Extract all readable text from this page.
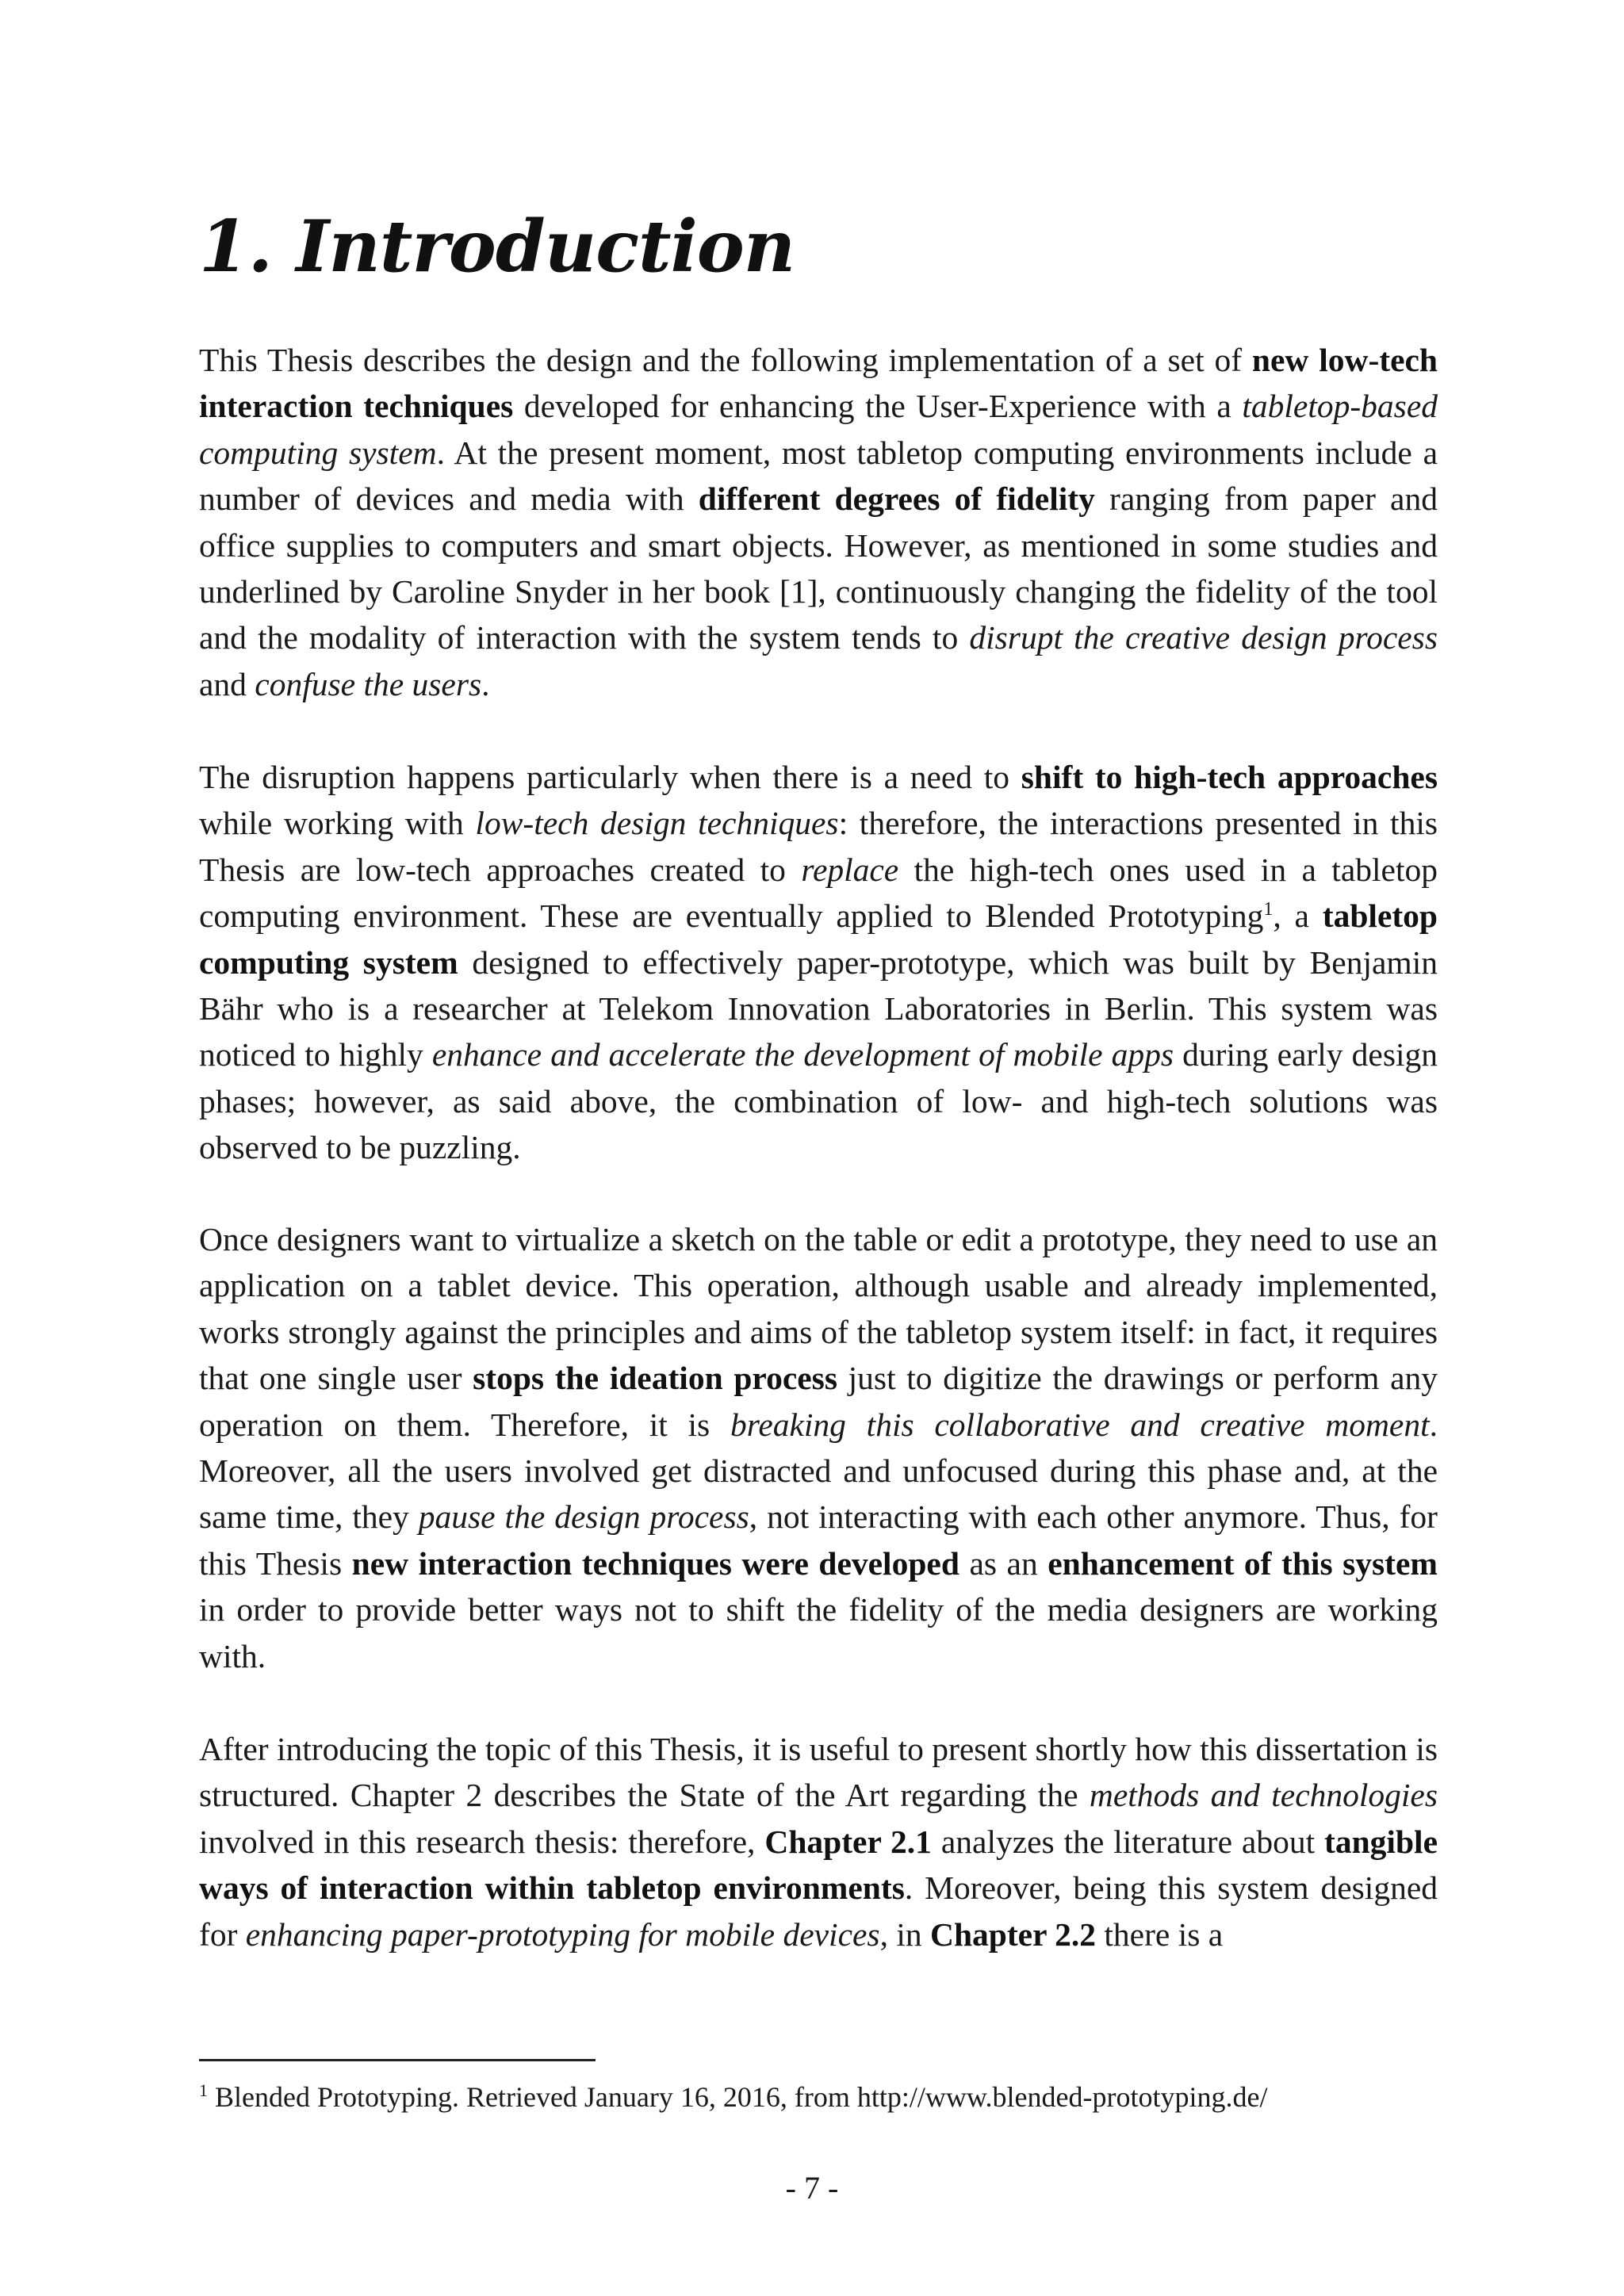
1. Introduction

This Thesis describes the design and the following implementation of a set of new low-tech interaction techniques developed for enhancing the User-Experience with a tabletop-based computing system. At the present moment, most tabletop computing environments include a number of devices and media with different degrees of fidelity ranging from paper and office supplies to computers and smart objects. However, as mentioned in some studies and underlined by Caroline Snyder in her book [1], continuously changing the fidelity of the tool and the modality of interaction with the system tends to disrupt the creative design process and confuse the users.

The disruption happens particularly when there is a need to shift to high-tech approaches while working with low-tech design techniques: therefore, the interactions presented in this Thesis are low-tech approaches created to replace the high-tech ones used in a tabletop computing environment. These are eventually applied to Blended Prototyping$^1$, a tabletop computing system designed to effectively paper-prototype, which was built by Benjamin Bähr who is a researcher at Telekom Innovation Laboratories in Berlin. This system was noticed to highly enhance and accelerate the development of mobile apps during early design phases; however, as said above, the combination of low- and high-tech solutions was observed to be puzzling.

Once designers want to virtualize a sketch on the table or edit a prototype, they need to use an application on a tablet device. This operation, although usable and already implemented, works strongly against the principles and aims of the tabletop system itself: in fact, it requires that one single user stops the ideation process just to digitize the drawings or perform any operation on them. Therefore, it is breaking this collaborative and creative moment. Moreover, all the users involved get distracted and unfocused during this phase and, at the same time, they pause the design process, not interacting with each other anymore. Thus, for this Thesis new interaction techniques were developed as an enhancement of this system in order to provide better ways not to shift the fidelity of the media designers are working with.

After introducing the topic of this Thesis, it is useful to present shortly how this dissertation is structured. Chapter 2 describes the State of the Art regarding the methods and technologies involved in this research thesis: therefore, Chapter 2.1 analyzes the literature about tangible ways of interaction within tabletop environments. Moreover, being this system designed for enhancing paper-prototyping for mobile devices, in Chapter 2.2 there is a

$^1$ Blended Prototyping. Retrieved January 16, 2016, from http://www.blended-prototyping.de/

- 7 -
